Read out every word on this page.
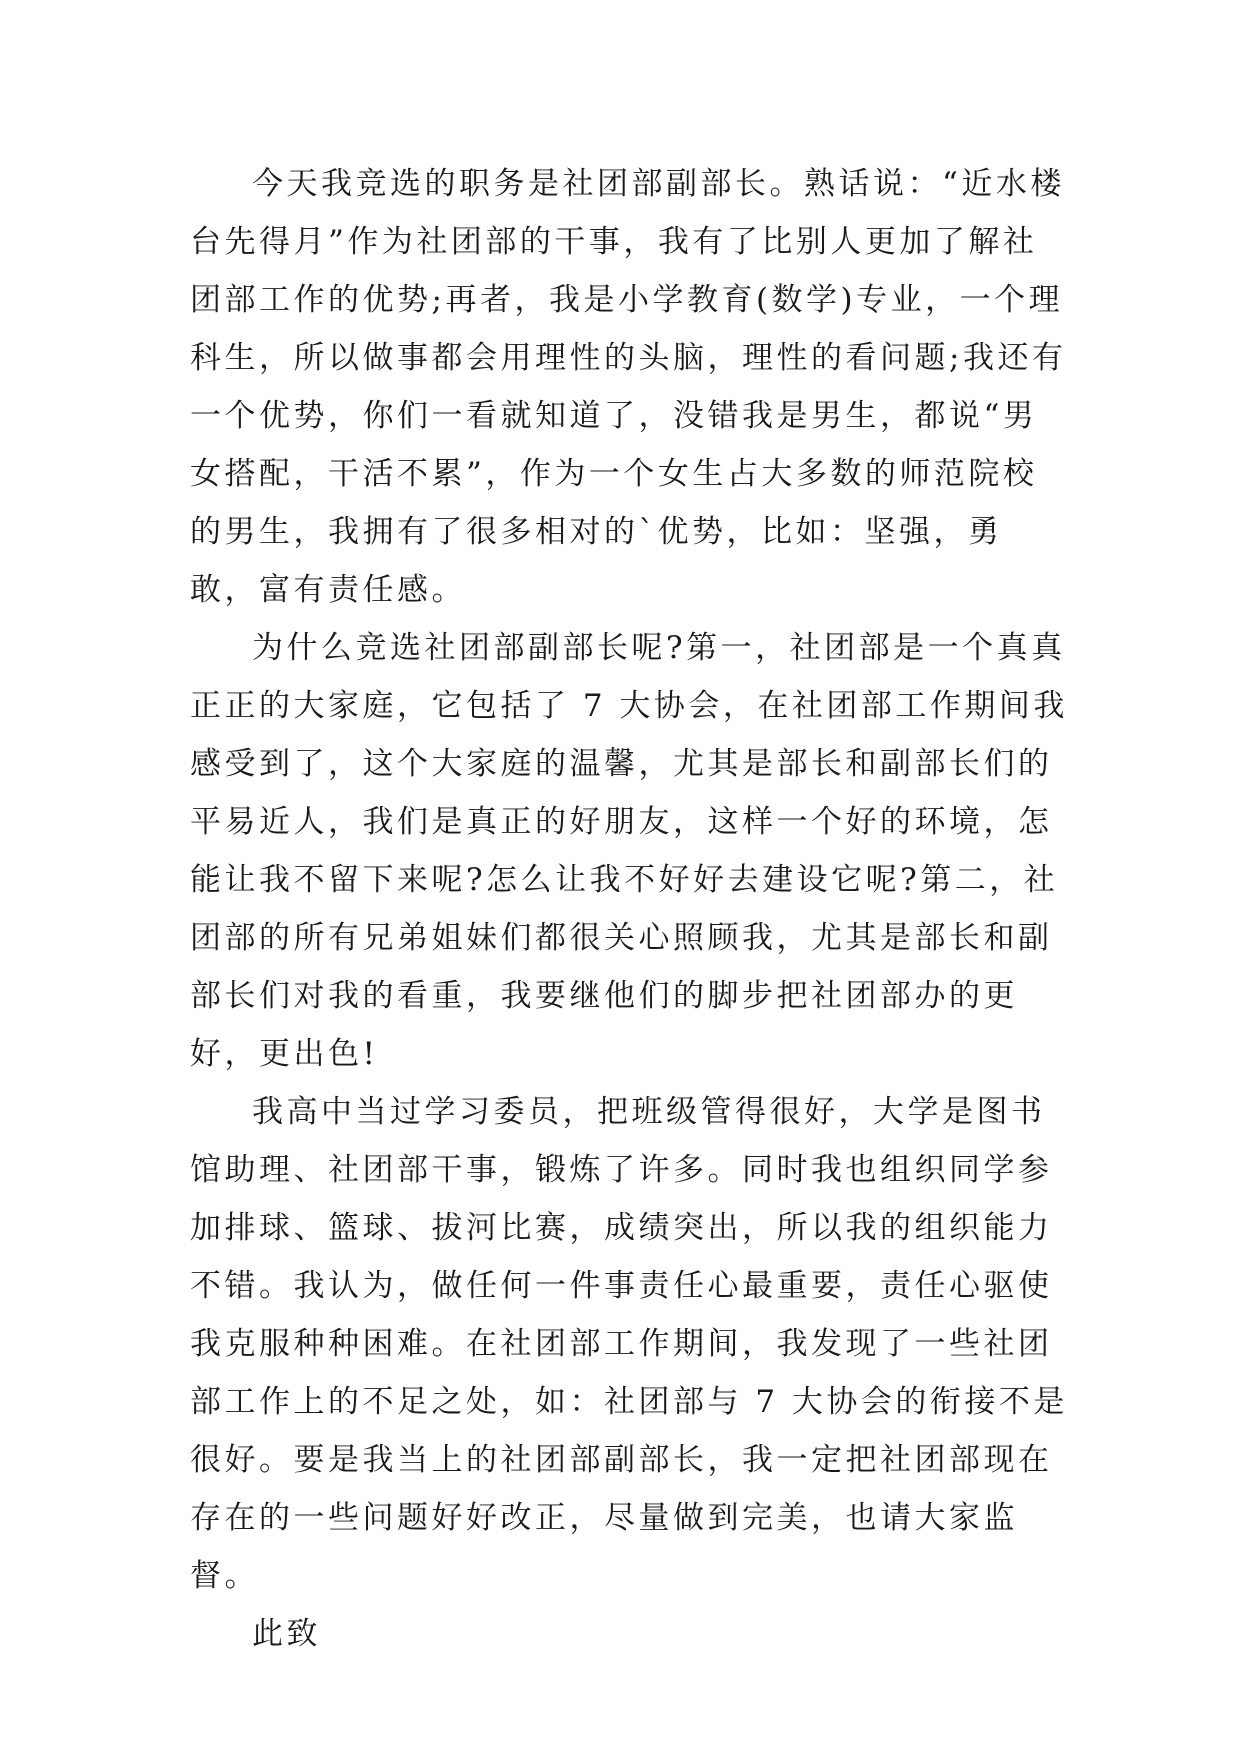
今天我竞选的职务是社团部副部长。熟话说：“近水楼台先得月”作为社团部的干事，我有了比别人更加了解社团部工作的优势;再者，我是小学教育(数学)专业，一个理科生，所以做事都会用理性的头脑，理性的看问题;我还有一个优势，你们一看就知道了，没错我是男生，都说“男女搭配，干活不累”，作为一个女生占大多数的师范院校的男生，我拥有了很多相对的`优势，比如：坚强，勇敢，富有责任感。

为什么竞选社团部副部长呢?第一，社团部是一个真真正正的大家庭，它包括了 7 大协会，在社团部工作期间我感受到了，这个大家庭的温馨，尤其是部长和副部长们的平易近人，我们是真正的好朋友，这样一个好的环境，怎能让我不留下来呢?怎么让我不好好去建设它呢?第二，社团部的所有兄弟姐妹们都很关心照顾我，尤其是部长和副部长们对我的看重，我要继他们的脚步把社团部办的更好，更出色!

我高中当过学习委员，把班级管得很好，大学是图书馆助理、社团部干事，锻炼了许多。同时我也组织同学参加排球、篮球、拔河比赛，成绩突出，所以我的组织能力不错。我认为，做任何一件事责任心最重要，责任心驱使我克服种种困难。在社团部工作期间，我发现了一些社团部工作上的不足之处，如：社团部与 7 大协会的衔接不是很好。要是我当上的社团部副部长，我一定把社团部现在存在的一些问题好好改正，尽量做到完美，也请大家监督。

此致
